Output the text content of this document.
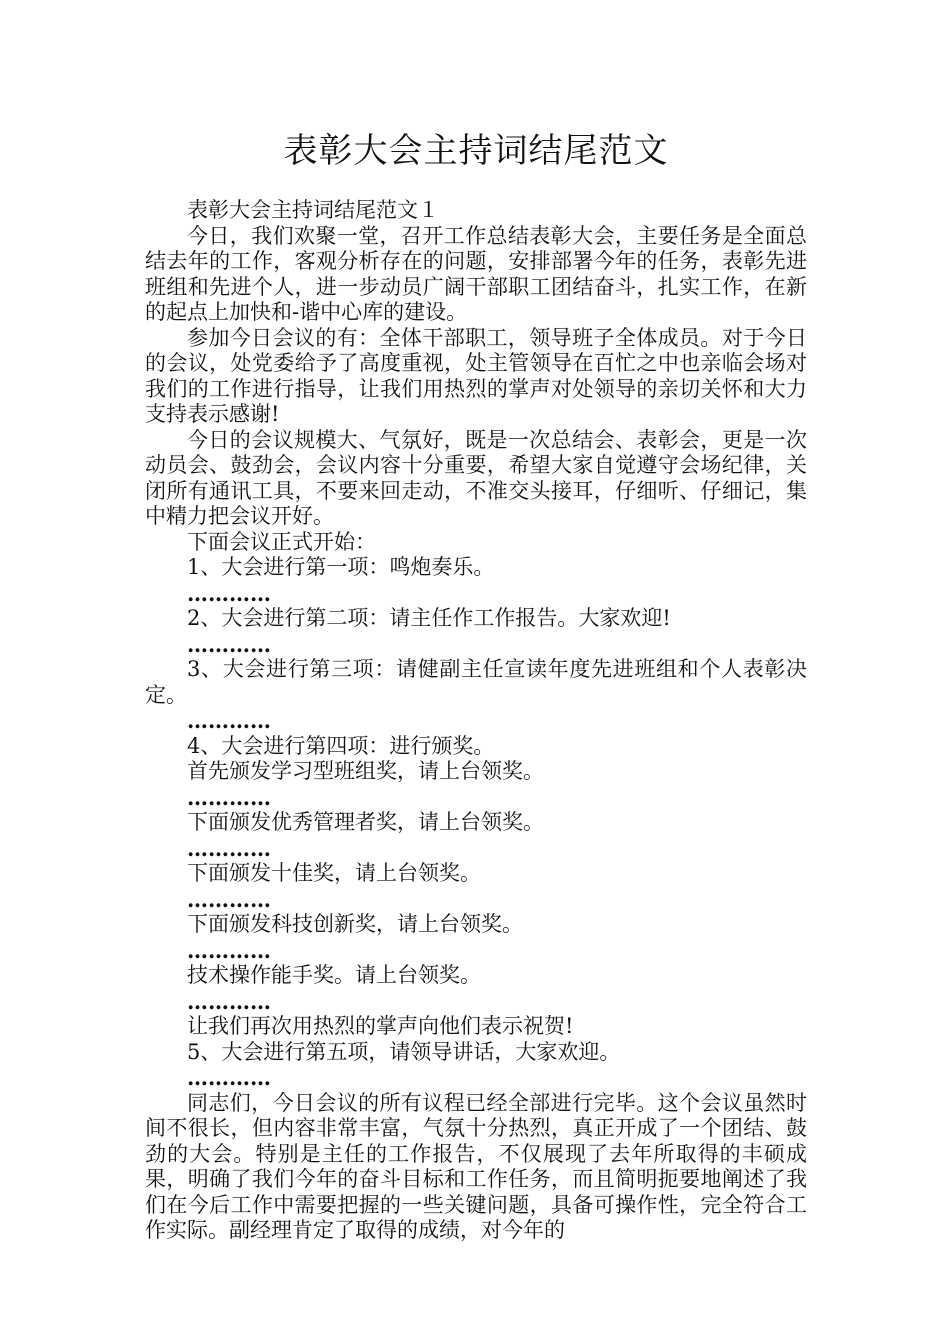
表彰大会主持词结尾范文

表彰大会主持词结尾范文１

今日，我们欢聚一堂，召开工作总结表彰大会，主要任务是全面总结去年的工作，客观分析存在的问题，安排部署今年的任务，表彰先进班组和先进个人，进一步动员广阔干部职工团结奋斗，扎实工作，在新的起点上加快和-谐中心库的建设。

参加今日会议的有：全体干部职工，领导班子全体成员。对于今日的会议，处党委给予了高度重视，处主管领导在百忙之中也亲临会场对我们的工作进行指导，让我们用热烈的掌声对处领导的亲切关怀和大力支持表示感谢!

今日的会议规模大、气氛好，既是一次总结会、表彰会，更是一次动员会、鼓劲会，会议内容十分重要，希望大家自觉遵守会场纪律，关闭所有通讯工具，不要来回走动，不准交头接耳，仔细听、仔细记，集中精力把会议开好。

下面会议正式开始：

1、大会进行第一项：鸣炮奏乐。

…………

2、大会进行第二项：请主任作工作报告。大家欢迎!

…………

3、大会进行第三项：请健副主任宣读年度先进班组和个人表彰决定。

…………

4、大会进行第四项：进行颁奖。

首先颁发学习型班组奖，请上台领奖。

…………

下面颁发优秀管理者奖，请上台领奖。

…………

下面颁发十佳奖，请上台领奖。

…………

下面颁发科技创新奖，请上台领奖。

…………

技术操作能手奖。请上台领奖。

…………

让我们再次用热烈的掌声向他们表示祝贺!

5、大会进行第五项，请领导讲话，大家欢迎。

…………

同志们，今日会议的所有议程已经全部进行完毕。这个会议虽然时间不很长，但内容非常丰富，气氛十分热烈，真正开成了一个团结、鼓劲的大会。特别是主任的工作报告，不仅展现了去年所取得的丰硕成果，明确了我们今年的奋斗目标和工作任务，而且简明扼要地阐述了我们在今后工作中需要把握的一些关键问题，具备可操作性，完全符合工作实际。副经理肯定了取得的成绩，对今年的
